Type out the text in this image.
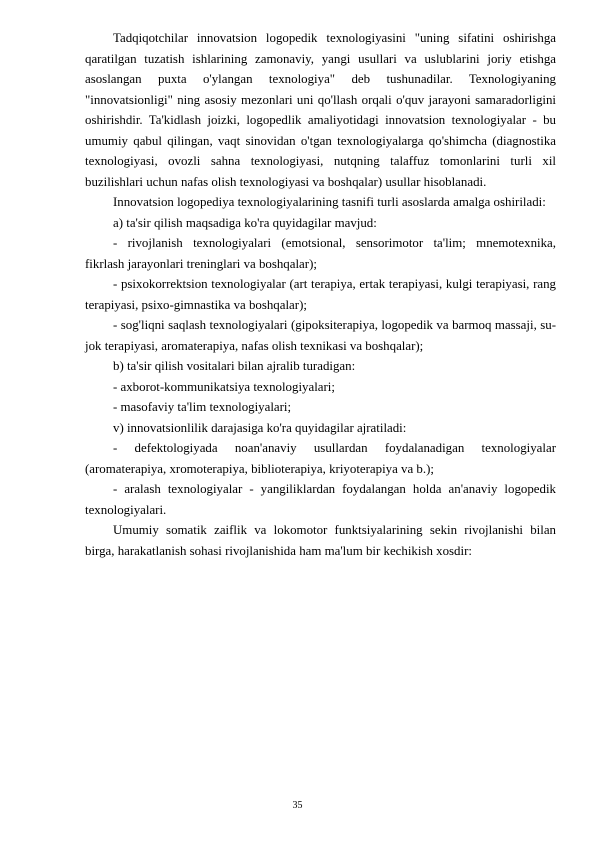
Tadqiqotchilar innovatsion logopedik texnologiyasini "uning sifatini oshirishga qaratilgan tuzatish ishlarining zamonaviy, yangi usullari va uslublarini joriy etishga asoslangan puxta o'ylangan texnologiya" deb tushunadilar. Texnologiyaning "innovatsionligi" ning asosiy mezonlari uni qo'llash orqali o'quv jarayoni samaradorligini oshirishdir. Ta'kidlash joizki, logopedlik amaliyotidagi innovatsion texnologiyalar - bu umumiy qabul qilingan, vaqt sinovidan o'tgan texnologiyalarga qo'shimcha (diagnostika texnologiyasi, ovozli sahna texnologiyasi, nutqning talaffuz tomonlarini turli xil buzilishlari uchun nafas olish texnologiyasi va boshqalar) usullar hisoblanadi.

Innovatsion logopediya texnologiyalarining tasnifi turli asoslarda amalga oshiriladi:

a) ta'sir qilish maqsadiga ko'ra quyidagilar mavjud:

- rivojlanish texnologiyalari (emotsional, sensorimotor ta'lim; mnemotexnika, fikrlash jarayonlari treninglari va boshqalar);

- psixokorrektsion texnologiyalar (art terapiya, ertak terapiyasi, kulgi terapiyasi, rang terapiyasi, psixo-gimnastika va boshqalar);

- sog'liqni saqlash texnologiyalari (gipoksiterapiya, logopedik va barmoq massaji, su-jok terapiyasi, aromaterapiya, nafas olish texnikasi va boshqalar);

b) ta'sir qilish vositalari bilan ajralib turadigan:

- axborot-kommunikatsiya texnologiyalari;

- masofaviy ta'lim texnologiyalari;

v) innovatsionlilik darajasiga ko'ra quyidagilar ajratiladi:

- defektologiyada noan'anaviy usullardan foydalanadigan texnologiyalar (aromaterapiya, xromoterapiya, biblioterapiya, kriyoterapiya va b.);

- aralash texnologiyalar - yangiliklardan foydalangan holda an'anaviy logopedik texnologiyalari.

Umumiy somatik zaiflik va lokomotor funktsiyalarining sekin rivojlanishi bilan birga, harakatlanish sohasi rivojlanishida ham ma'lum bir kechikish xosdir:

35
